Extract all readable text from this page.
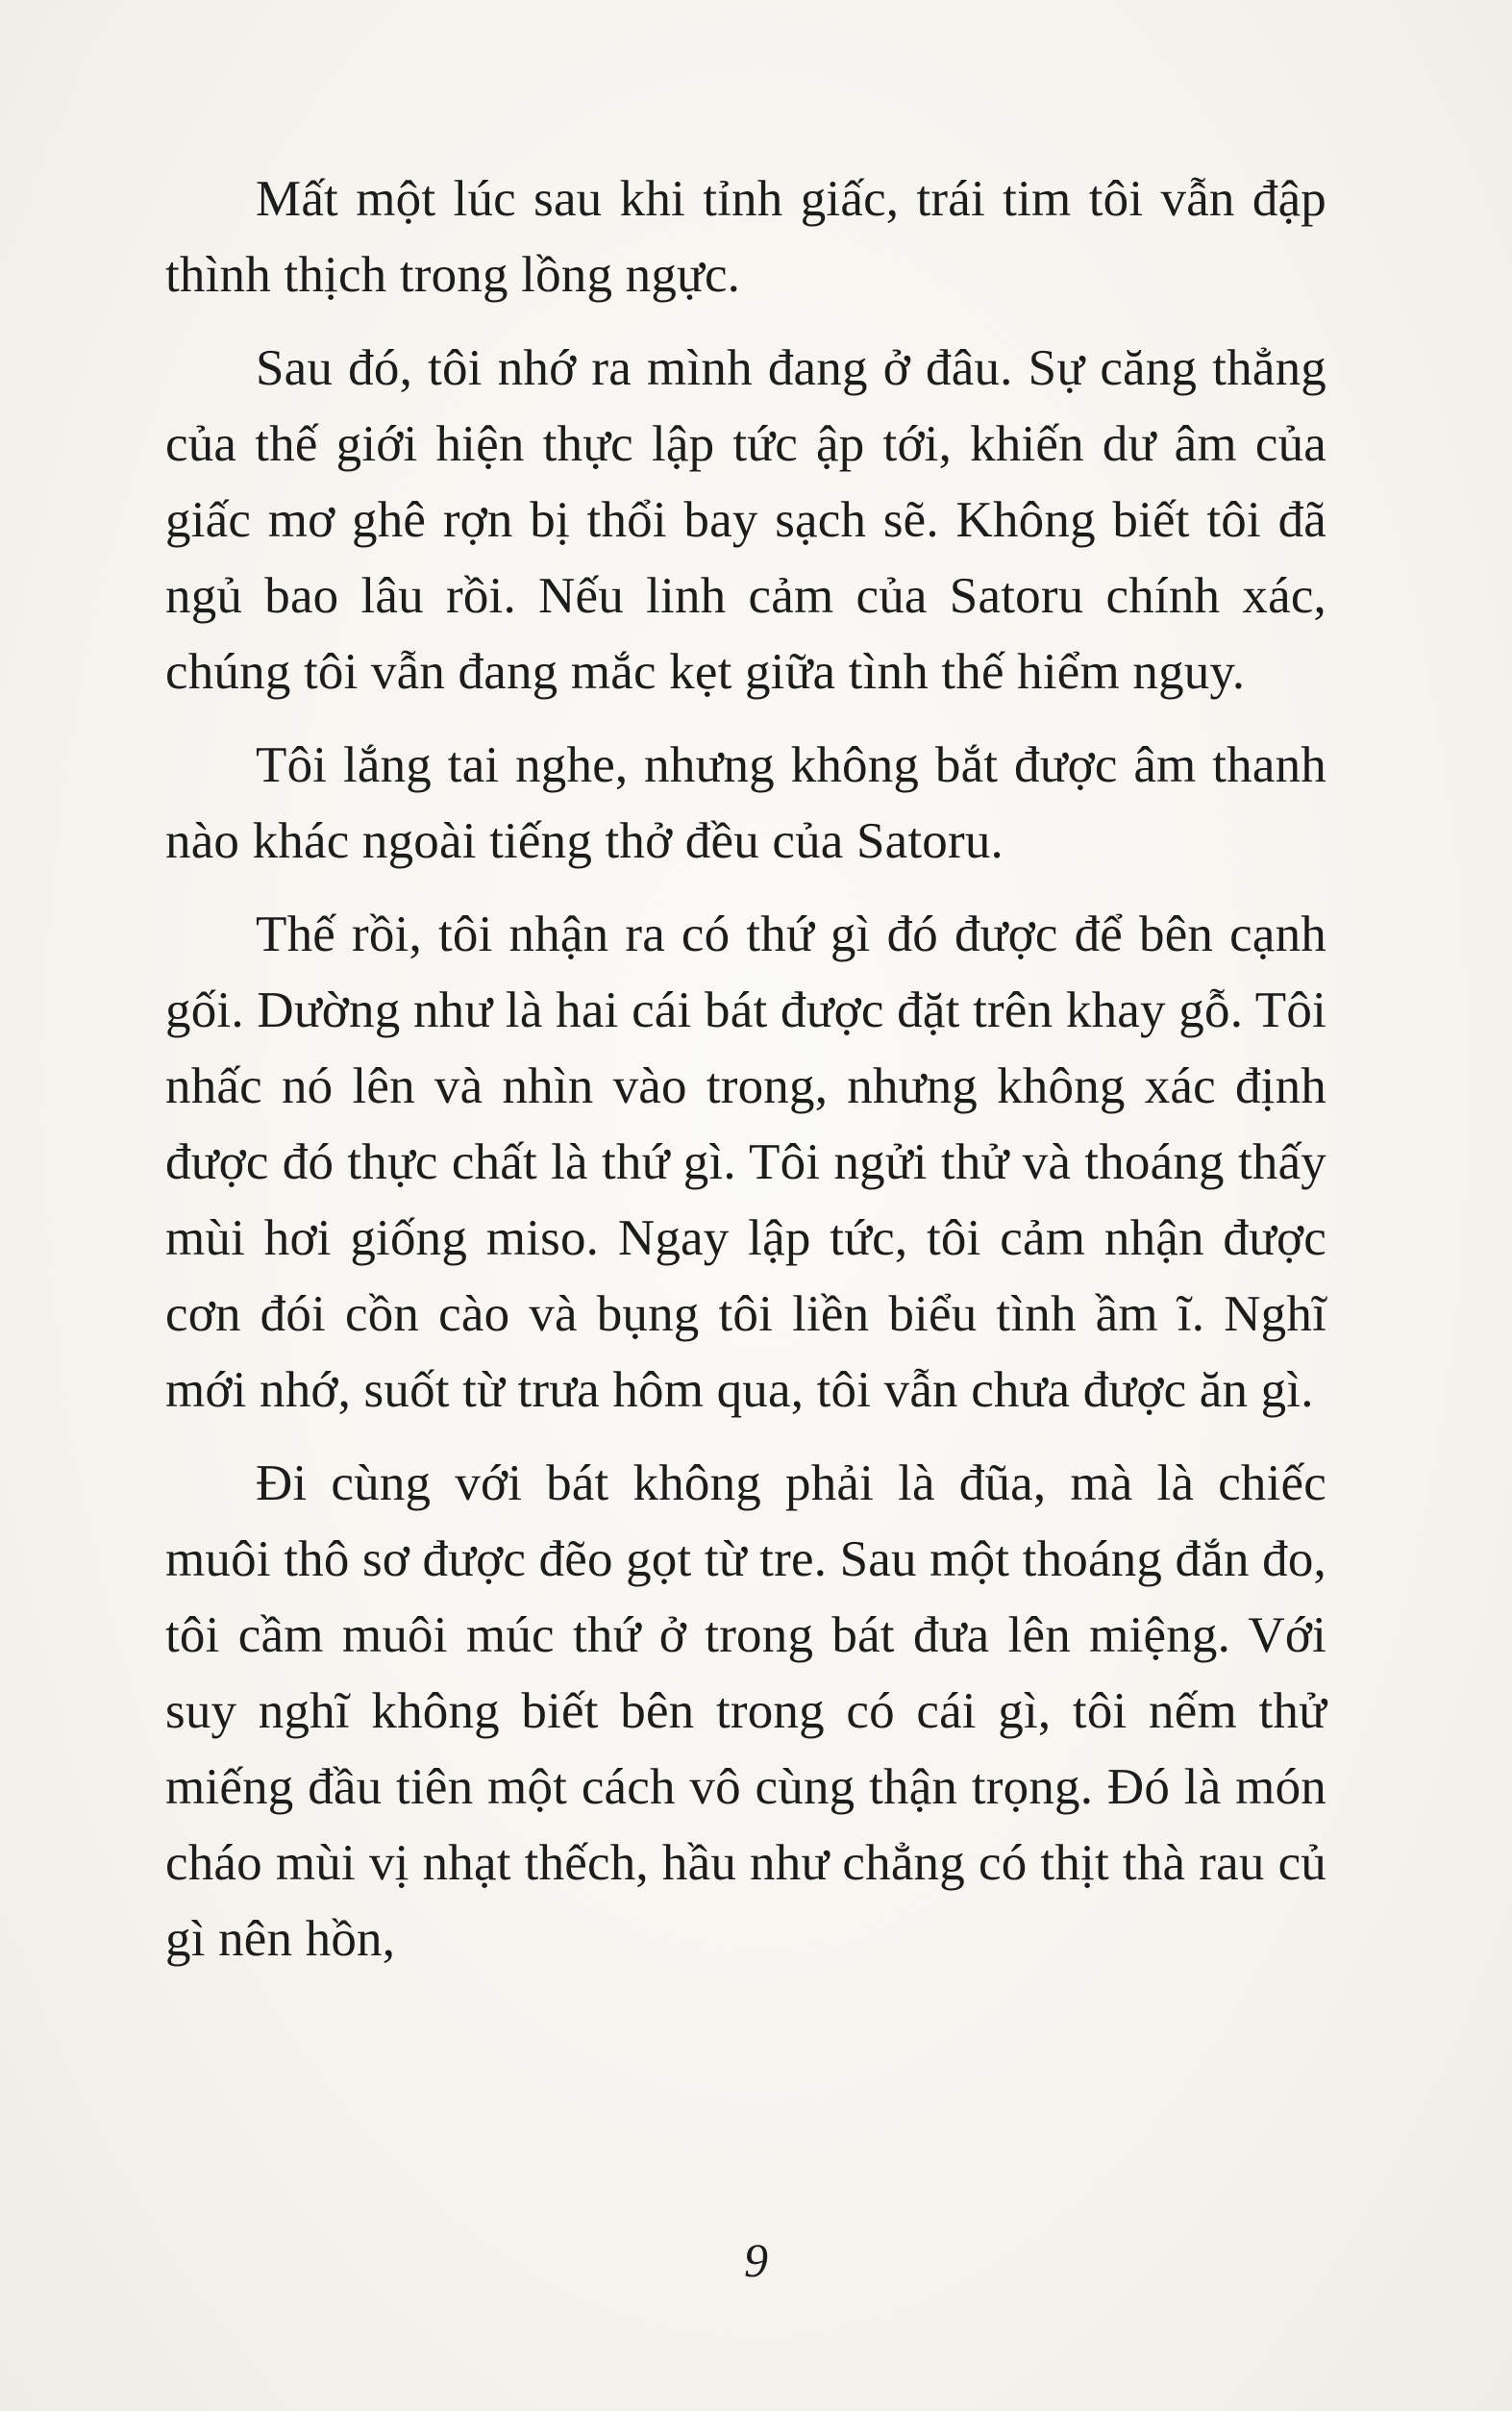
Mất một lúc sau khi tỉnh giấc, trái tim tôi vẫn đập thình thịch trong lồng ngực.

Sau đó, tôi nhớ ra mình đang ở đâu. Sự căng thẳng của thế giới hiện thực lập tức ập tới, khiến dư âm của giấc mơ ghê rợn bị thổi bay sạch sẽ. Không biết tôi đã ngủ bao lâu rồi. Nếu linh cảm của Satoru chính xác, chúng tôi vẫn đang mắc kẹt giữa tình thế hiểm nguy.

Tôi lắng tai nghe, nhưng không bắt được âm thanh nào khác ngoài tiếng thở đều của Satoru.

Thế rồi, tôi nhận ra có thứ gì đó được để bên cạnh gối. Dường như là hai cái bát được đặt trên khay gỗ. Tôi nhấc nó lên và nhìn vào trong, nhưng không xác định được đó thực chất là thứ gì. Tôi ngửi thử và thoáng thấy mùi hơi giống miso. Ngay lập tức, tôi cảm nhận được cơn đói cồn cào và bụng tôi liền biểu tình ầm ĩ. Nghĩ mới nhớ, suốt từ trưa hôm qua, tôi vẫn chưa được ăn gì.

Đi cùng với bát không phải là đũa, mà là chiếc muôi thô sơ được đẽo gọt từ tre. Sau một thoáng đắn đo, tôi cầm muôi múc thứ ở trong bát đưa lên miệng. Với suy nghĩ không biết bên trong có cái gì, tôi nếm thử miếng đầu tiên một cách vô cùng thận trọng. Đó là món cháo mùi vị nhạt thếch, hầu như chẳng có thịt thà rau củ gì nên hồn,

9
